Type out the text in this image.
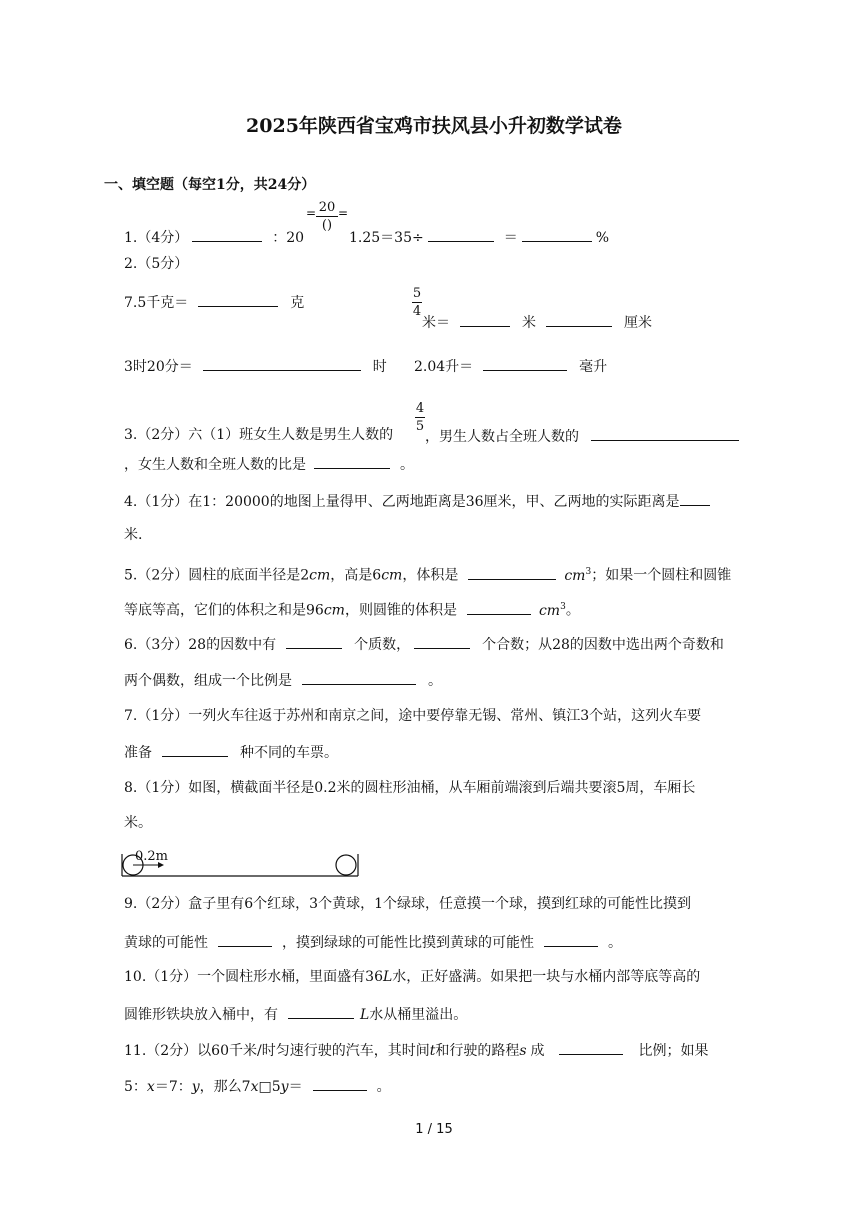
2025年陕西省宝鸡市扶风县小升初数学试卷
一、填空题（每空1分，共24分）
1.（4分）	：20
= 20
()
=
1.25＝35÷	＝	%
2.（5分）
7.5千克＝	克
5
4
米＝	米	厘米
3时20分＝	时 2.04升＝	毫升
3.（2分）六（1）班女生人数是男生人数的
4
5
，男生人数占全班人数的
，女生人数和全班人数的比是	。
4.（1分）在1：20000的地图上量得甲、乙两地距离是36厘米，甲、乙两地的实际距离是
米.
5.（2分）圆柱的底面半径是2cm，高是6cm，体积是	$cm^3$；如果一个圆柱和圆锥
等底等高，它们的体积之和是96cm，则圆锥的体积是	$cm^3$。
6.（3分）28的因数中有	个质数，	个合数；从28的因数中选出两个奇数和
两个偶数，组成一个比例是	。
7.（1分）一列火车往返于苏州和南京之间，途中要停靠无锡、常州、镇江3个站，这列火车要
准备	种不同的车票。
8.（1分）如图，横截面半径是0.2米的圆柱形油桶，从车厢前端滚到后端共要滚5周，车厢长
米。
0.2m
9.（2分）盒子里有6个红球，3个黄球，1个绿球，任意摸一个球，摸到红球的可能性比摸到
黄球的可能性	，摸到绿球的可能性比摸到黄球的可能性	。
10.（1分）一个圆柱形水桶，里面盛有36L水，正好盛满。如果把一块与水桶内部等底等高的
圆锥形铁块放入桶中，有	L水从桶里溢出。
11.（2分）以60千米/时匀速行驶的汽车，其时间t和行驶的路程s 成	比例；如果
5：x＝7：y，那么7x□5y＝	。
1 / 15
